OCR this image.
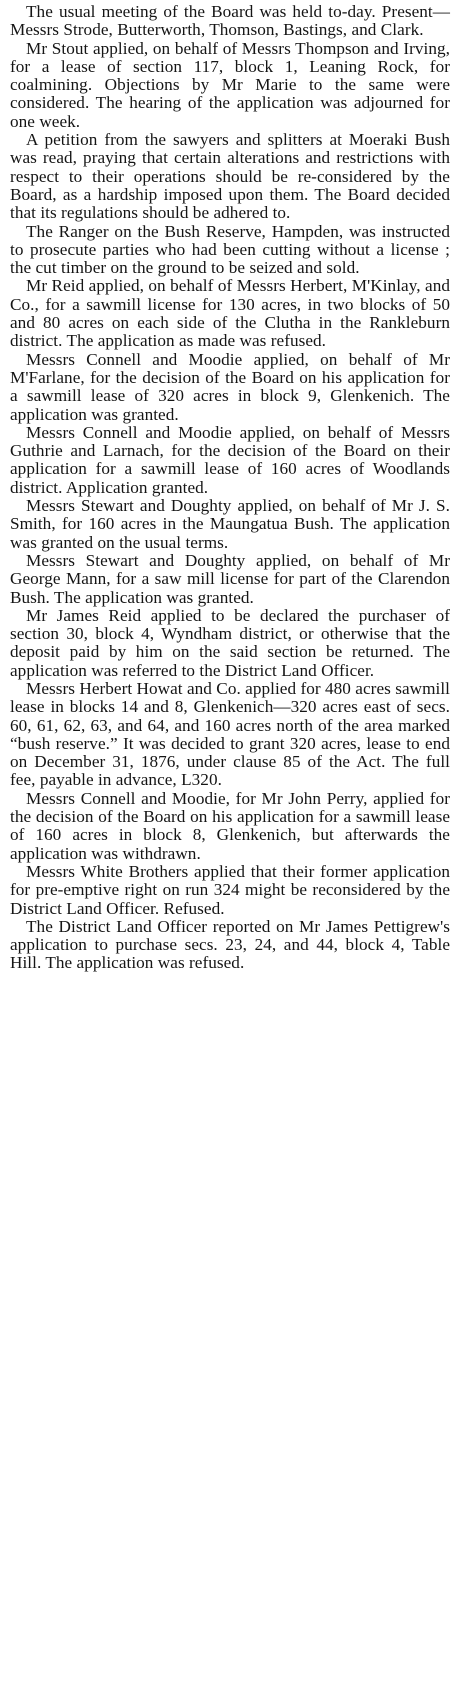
The usual meeting of the Board was held to-day. Present—Messrs Strode, Butterworth, Thomson, Bastings, and Clark.

Mr Stout applied, on behalf of Messrs Thompson and Irving, for a lease of section 117, block 1, Leaning Rock, for coalmining. Objections by Mr Marie to the same were considered. The hearing of the application was adjourned for one week.

A petition from the sawyers and splitters at Moeraki Bush was read, praying that certain alterations and restrictions with respect to their operations should be re-considered by the Board, as a hardship imposed upon them. The Board decided that its regulations should be adhered to.

The Ranger on the Bush Reserve, Hampden, was instructed to prosecute parties who had been cutting without a license ; the cut timber on the ground to be seized and sold.

Mr Reid applied, on behalf of Messrs Herbert, M'Kinlay, and Co., for a sawmill license for 130 acres, in two blocks of 50 and 80 acres on each side of the Clutha in the Rankleburn district. The application as made was refused.

Messrs Connell and Moodie applied, on behalf of Mr M'Farlane, for the decision of the Board on his application for a sawmill lease of 320 acres in block 9, Glenkenich. The application was granted.

Messrs Connell and Moodie applied, on behalf of Messrs Guthrie and Larnach, for the decision of the Board on their application for a sawmill lease of 160 acres of Woodlands district. Application granted.

Messrs Stewart and Doughty applied, on behalf of Mr J. S. Smith, for 160 acres in the Maungatua Bush. The application was granted on the usual terms.

Messrs Stewart and Doughty applied, on behalf of Mr George Mann, for a saw mill license for part of the Clarendon Bush. The application was granted.

Mr James Reid applied to be declared the purchaser of section 30, block 4, Wyndham district, or otherwise that the deposit paid by him on the said section be returned. The application was referred to the District Land Officer.

Messrs Herbert Howat and Co. applied for 480 acres sawmill lease in blocks 14 and 8, Glenkenich—320 acres east of secs. 60, 61, 62, 63, and 64, and 160 acres north of the area marked “bush reserve.” It was decided to grant 320 acres, lease to end on December 31, 1876, under clause 85 of the Act. The full fee, payable in advance, L320.

Messrs Connell and Moodie, for Mr John Perry, applied for the decision of the Board on his application for a sawmill lease of 160 acres in block 8, Glenkenich, but afterwards the application was withdrawn.

Messrs White Brothers applied that their former application for pre-emptive right on run 324 might be reconsidered by the District Land Officer. Refused.

The District Land Officer reported on Mr James Pettigrew's application to purchase secs. 23, 24, and 44, block 4, Table Hill. The application was refused.
